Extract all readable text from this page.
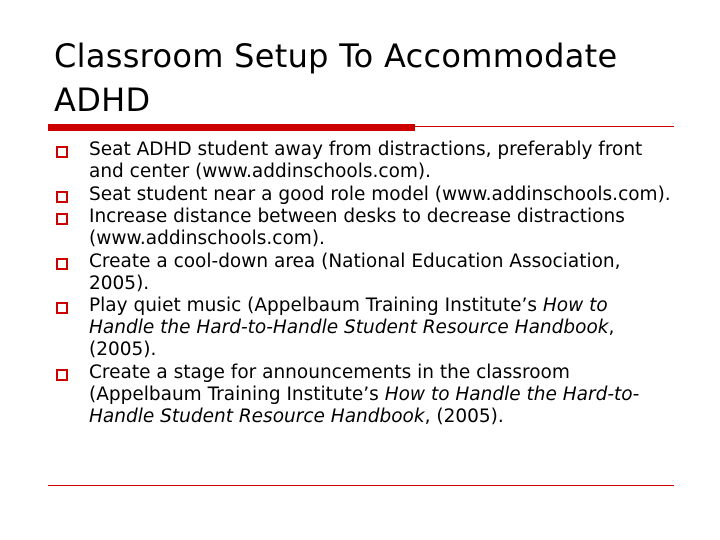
Classroom Setup To Accommodate ADHD
Seat ADHD student away from distractions, preferably front and center (www.addinschools.com).
Seat student near a good role model (www.addinschools.com).
Increase distance between desks to decrease distractions (www.addinschools.com).
Create a cool-down area (National Education Association, 2005).
Play quiet music (Appelbaum Training Institute’s How to Handle the Hard-to-Handle Student Resource Handbook, (2005).
Create a stage for announcements in the classroom (Appelbaum Training Institute’s How to Handle the Hard-to-Handle Student Resource Handbook, (2005).
